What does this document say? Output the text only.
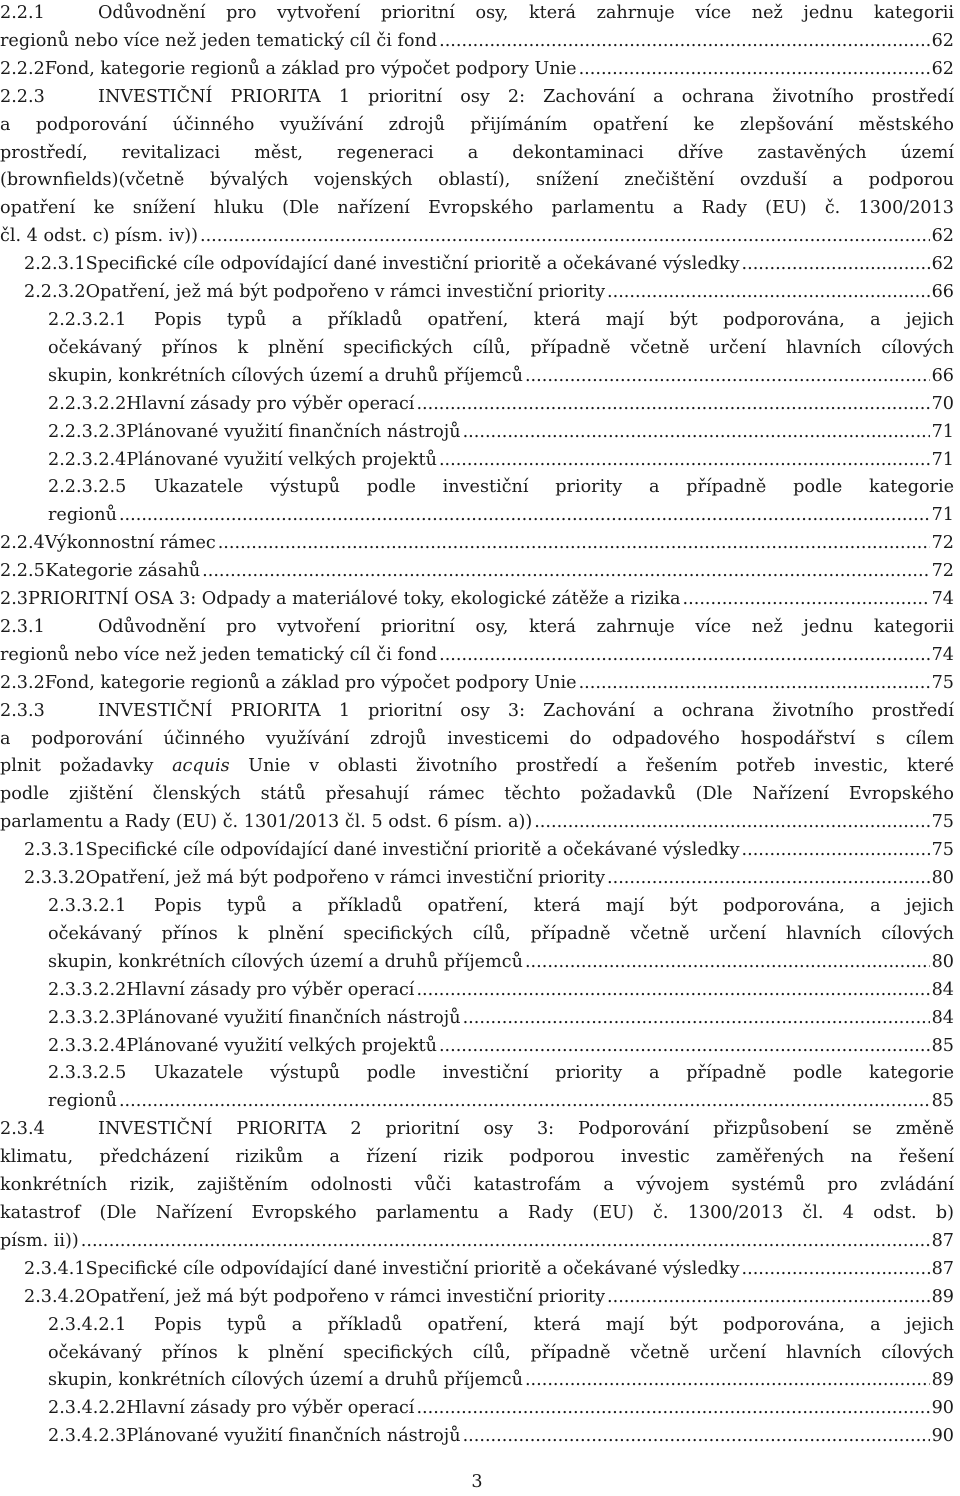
2.2.1	Odůvodnění pro vytvoření prioritní osy, která zahrnuje více než jednu kategorii
regionů nebo více než jeden tematický cíl či fond .....	62
2.2.2 Fond, kategorie regionů a základ pro výpočet podpory Unie .....	62
2.2.3	INVESTIČNÍ PRIORITA 1 prioritní osy 2: Zachování a ochrana životního prostředí
a podporování účinného využívání zdrojů přijímáním opatření ke zlepšování městského
prostředí, revitalizaci měst, regeneraci a dekontaminaci dříve zastavěných území
(brownfields)(včetně bývalých vojenských oblastí), snížení znečištění ovzduší a podporou
opatření ke snížení hluku (Dle nařízení Evropského parlamentu a Rady (EU) č. 1300/2013
čl. 4 odst. c) písm. iv)) .....	62
2.2.3.1 Specifické cíle odpovídající dané investiční prioritě a očekávané výsledky .....	62
2.2.3.2 Opatření, jež má být podpořeno v rámci investiční priority .....	66
2.2.3.2.1	Popis typů a příkladů opatření, která mají být podporována, a jejich
očekávaný přínos k plnění specifických cílů, případně včetně určení hlavních cílových
skupin, konkrétních cílových území a druhů příjemců .....	66
2.2.3.2.2 Hlavní zásady pro výběr operací .....	70
2.2.3.2.3 Plánované využití finančních nástrojů .....	71
2.2.3.2.4 Plánované využití velkých projektů .....	71
2.2.3.2.5	Ukazatele výstupů podle investiční priority a případně podle kategorie
regionů .....	71
2.2.4 Výkonnostní rámec .....	72
2.2.5 Kategorie zásahů .....	72
2.3 PRIORITNÍ OSA 3: Odpady a materiálové toky, ekologické zátěže a rizika .....	74
2.3.1	Odůvodnění pro vytvoření prioritní osy, která zahrnuje více než jednu kategorii
regionů nebo více než jeden tematický cíl či fond .....	74
2.3.2 Fond, kategorie regionů a základ pro výpočet podpory Unie .....	75
2.3.3	INVESTIČNÍ PRIORITA 1 prioritní osy 3: Zachování a ochrana životního prostředí
a podporování účinného využívání zdrojů investicemi do odpadového hospodářství s cílem
plnit požadavky acquis Unie v oblasti životního prostředí a řešením potřeb investic, které
podle zjištění členských států přesahují rámec těchto požadavků (Dle Nařízení Evropského
parlamentu a Rady (EU) č. 1301/2013 čl. 5 odst. 6 písm. a)) .....	75
2.3.3.1 Specifické cíle odpovídající dané investiční prioritě a očekávané výsledky .....	75
2.3.3.2 Opatření, jež má být podpořeno v rámci investiční priority .....	80
2.3.3.2.1	Popis typů a příkladů opatření, která mají být podporována, a jejich
očekávaný přínos k plnění specifických cílů, případně včetně určení hlavních cílových
skupin, konkrétních cílových území a druhů příjemců .....	80
2.3.3.2.2 Hlavní zásady pro výběr operací .....	84
2.3.3.2.3 Plánované využití finančních nástrojů .....	84
2.3.3.2.4 Plánované využití velkých projektů .....	85
2.3.3.2.5	Ukazatele výstupů podle investiční priority a případně podle kategorie
regionů .....	85
2.3.4	INVESTIČNÍ PRIORITA 2 prioritní osy 3: Podporování přizpůsobení se změně
klimatu, předcházení rizikům a řízení rizik podporou investic zaměřených na řešení
konkrétních rizik, zajištěním odolnosti vůči katastrofám a vývojem systémů pro zvládání
katastrof (Dle Nařízení Evropského parlamentu a Rady (EU) č. 1300/2013 čl. 4 odst. b)
písm. ii)) .....	87
2.3.4.1 Specifické cíle odpovídající dané investiční prioritě a očekávané výsledky .....	87
2.3.4.2 Opatření, jež má být podpořeno v rámci investiční priority .....	89
2.3.4.2.1	Popis typů a příkladů opatření, která mají být podporována, a jejich
očekávaný přínos k plnění specifických cílů, případně včetně určení hlavních cílových
skupin, konkrétních cílových území a druhů příjemců .....	89
2.3.4.2.2 Hlavní zásady pro výběr operací .....	90
2.3.4.2.3 Plánované využití finančních nástrojů .....	90
3
